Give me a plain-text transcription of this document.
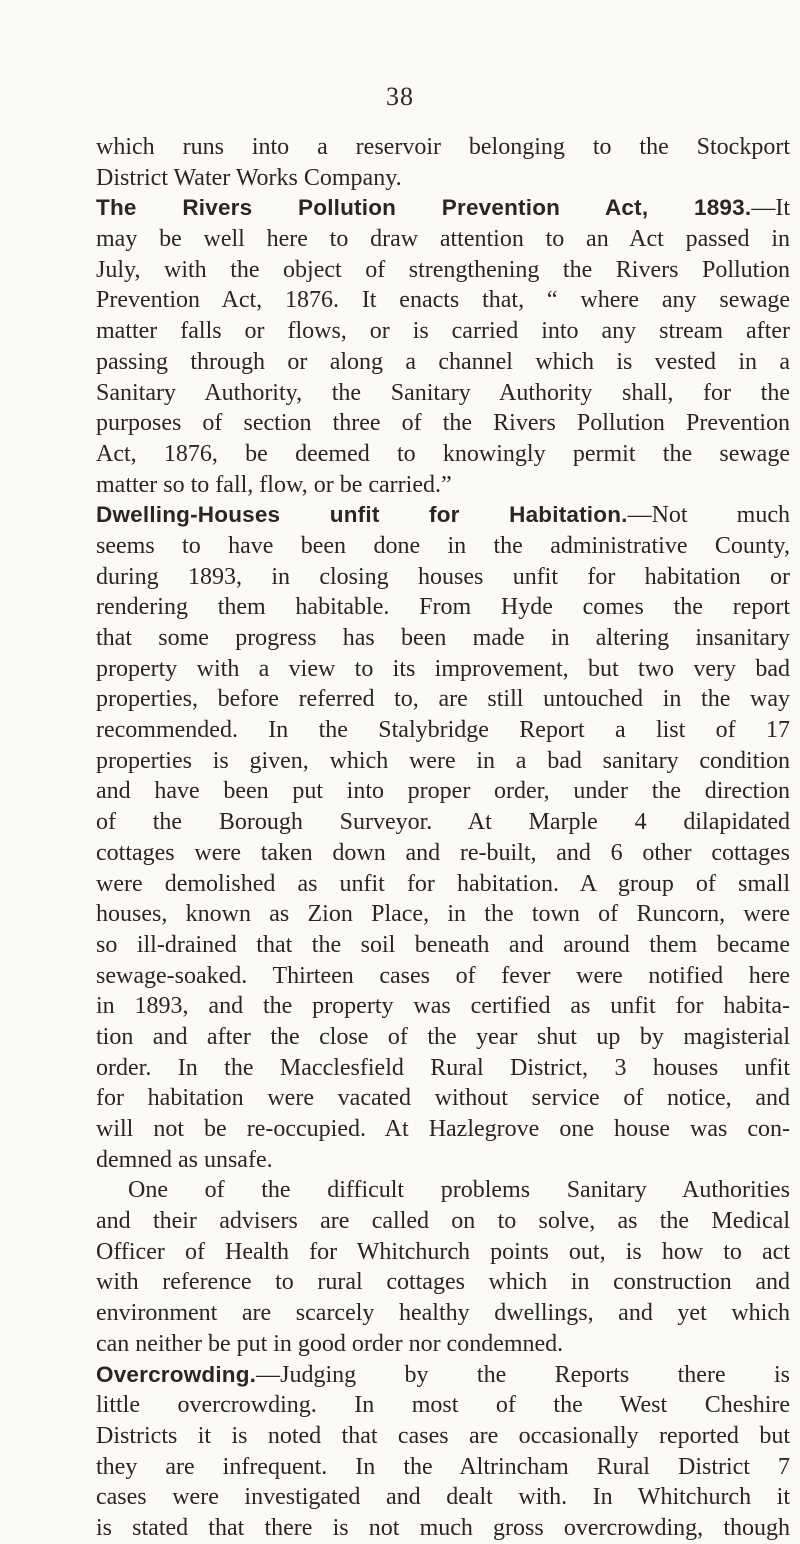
38
which runs into a reservoir belonging to the Stockport
District Water Works Company.
The Rivers Pollution Prevention Act, 1893.—It
may be well here to draw attention to an Act passed in
July, with the object of strengthening the Rivers Pollution
Prevention Act, 1876. It enacts that, “ where any sewage
matter falls or flows, or is carried into any stream after
passing through or along a channel which is vested in a
Sanitary Authority, the Sanitary Authority shall, for the
purposes of section three of the Rivers Pollution Prevention
Act, 1876, be deemed to knowingly permit the sewage
matter so to fall, flow, or be carried.”
Dwelling-Houses unfit for Habitation.—Not much
seems to have been done in the administrative County,
during 1893, in closing houses unfit for habitation or
rendering them habitable. From Hyde comes the report
that some progress has been made in altering insanitary
property with a view to its improvement, but two very bad
properties, before referred to, are still untouched in the way
recommended. In the Stalybridge Report a list of 17
properties is given, which were in a bad sanitary condition
and have been put into proper order, under the direction
of the Borough Surveyor. At Marple 4 dilapidated
cottages were taken down and re-built, and 6 other cottages
were demolished as unfit for habitation. A group of small
houses, known as Zion Place, in the town of Runcorn, were
so ill-drained that the soil beneath and around them became
sewage-soaked. Thirteen cases of fever were notified here
in 1893, and the property was certified as unfit for habita-
tion and after the close of the year shut up by magisterial
order. In the Macclesfield Rural District, 3 houses unfit
for habitation were vacated without service of notice, and
will not be re-occupied. At Hazlegrove one house was con-
demned as unsafe.
One of the difficult problems Sanitary Authorities
and their advisers are called on to solve, as the Medical
Officer of Health for Whitchurch points out, is how to act
with reference to rural cottages which in construction and
environment are scarcely healthy dwellings, and yet which
can neither be put in good order nor condemned.
Overcrowding.—Judging by the Reports there is
little overcrowding. In most of the West Cheshire
Districts it is noted that cases are occasionally reported but
they are infrequent. In the Altrincham Rural District 7
cases were investigated and dealt with. In Whitchurch it
is stated that there is not much gross overcrowding, though
